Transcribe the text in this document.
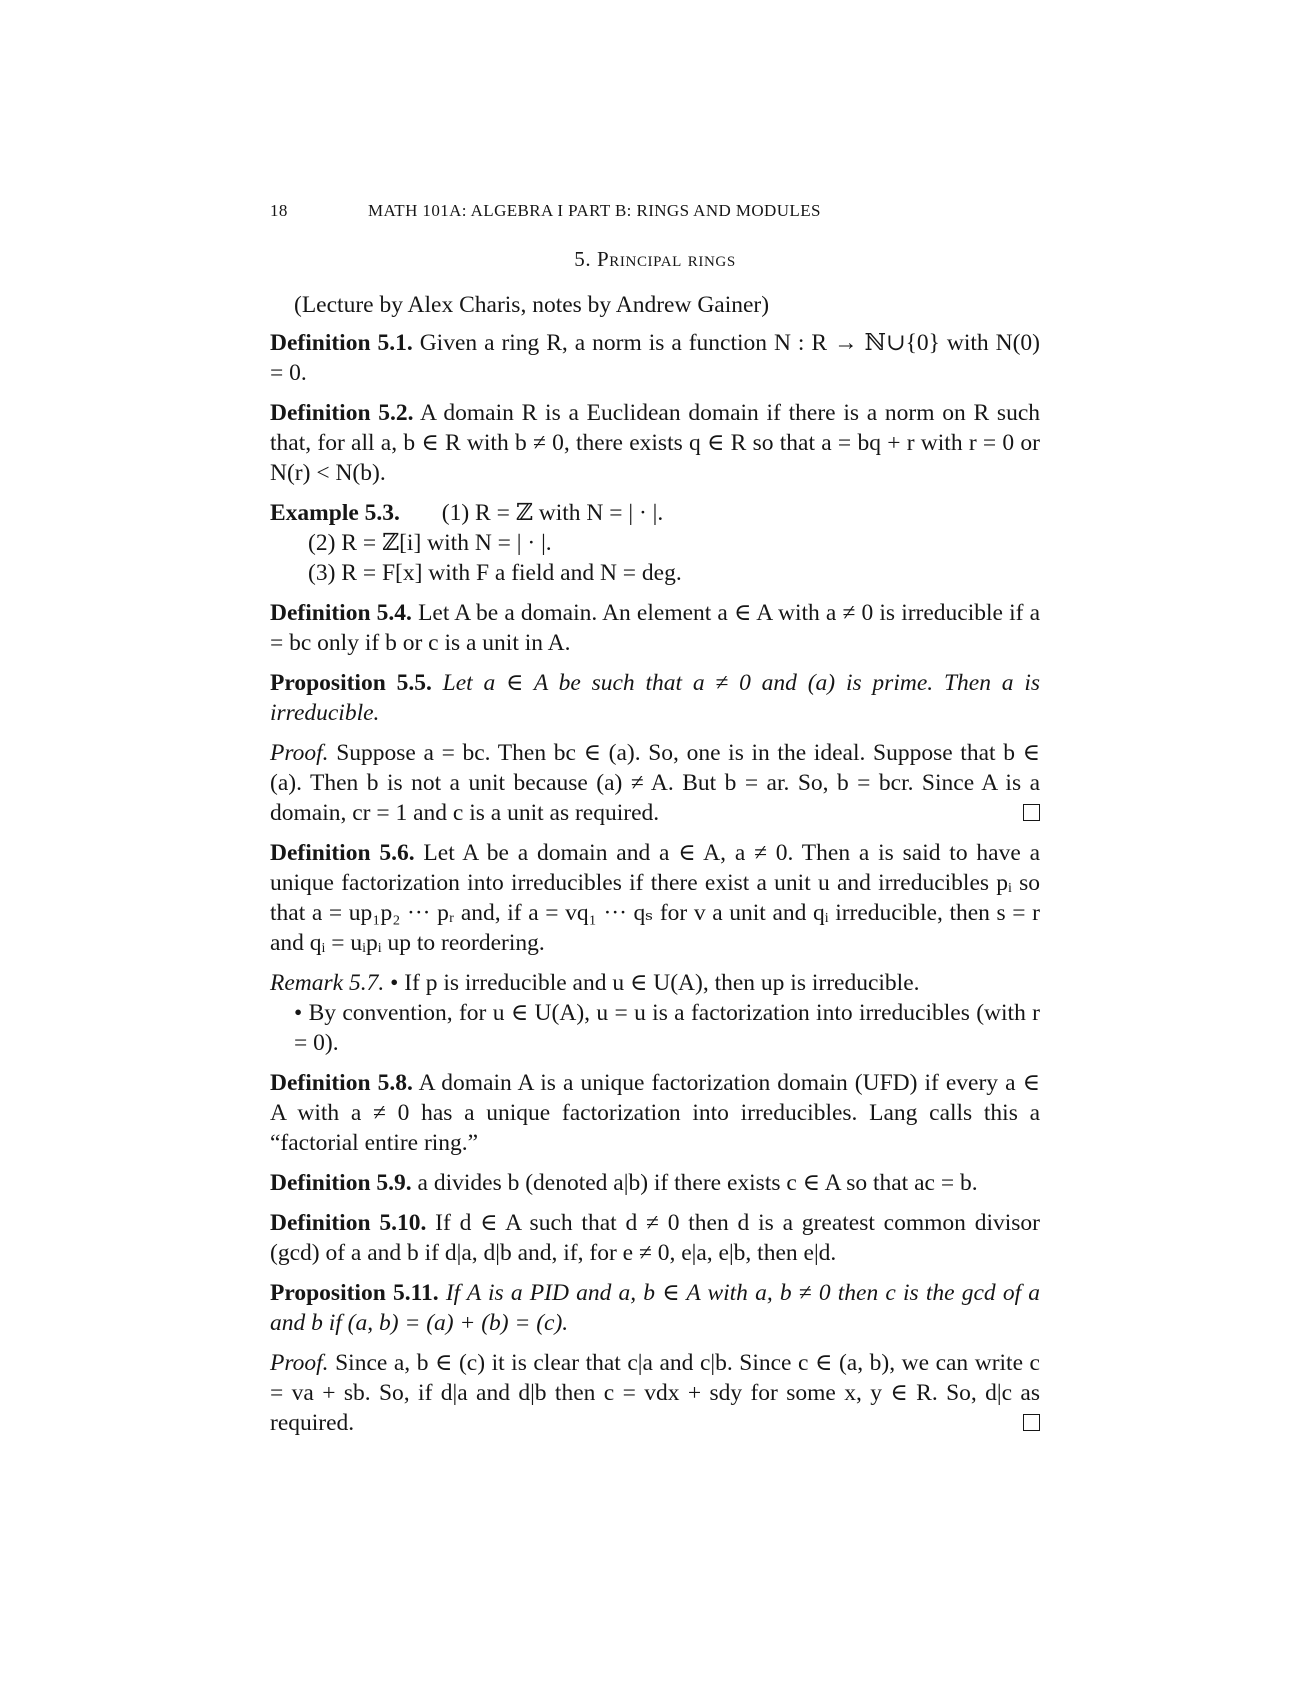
18	MATH 101A: ALGEBRA I PART B: RINGS AND MODULES
5. Principal rings
(Lecture by Alex Charis, notes by Andrew Gainer)
Definition 5.1. Given a ring R, a norm is a function N : R → ℕ∪{0} with N(0) = 0.
Definition 5.2. A domain R is a Euclidean domain if there is a norm on R such that, for all a, b ∈ R with b ≠ 0, there exists q ∈ R so that a = bq + r with r = 0 or N(r) < N(b).
Example 5.3. (1) R = ℤ with N = | · |.
(2) R = ℤ[i] with N = | · |.
(3) R = F[x] with F a field and N = deg.
Definition 5.4. Let A be a domain. An element a ∈ A with a ≠ 0 is irreducible if a = bc only if b or c is a unit in A.
Proposition 5.5. Let a ∈ A be such that a ≠ 0 and (a) is prime. Then a is irreducible.
Proof. Suppose a = bc. Then bc ∈ (a). So, one is in the ideal. Suppose that b ∈ (a). Then b is not a unit because (a) ≠ A. But b = ar. So, b = bcr. Since A is a domain, cr = 1 and c is a unit as required.
Definition 5.6. Let A be a domain and a ∈ A, a ≠ 0. Then a is said to have a unique factorization into irreducibles if there exist a unit u and irreducibles pᵢ so that a = up₁p₂ ··· pᵣ and, if a = vq₁ ··· qₛ for v a unit and qᵢ irreducible, then s = r and qᵢ = uᵢpᵢ up to reordering.
Remark 5.7. • If p is irreducible and u ∈ U(A), then up is irreducible.
• By convention, for u ∈ U(A), u = u is a factorization into irreducibles (with r = 0).
Definition 5.8. A domain A is a unique factorization domain (UFD) if every a ∈ A with a ≠ 0 has a unique factorization into irreducibles. Lang calls this a “factorial entire ring.”
Definition 5.9. a divides b (denoted a|b) if there exists c ∈ A so that ac = b.
Definition 5.10. If d ∈ A such that d ≠ 0 then d is a greatest common divisor (gcd) of a and b if d|a, d|b and, if, for e ≠ 0, e|a, e|b, then e|d.
Proposition 5.11. If A is a PID and a, b ∈ A with a, b ≠ 0 then c is the gcd of a and b if (a, b) = (a) + (b) = (c).
Proof. Since a, b ∈ (c) it is clear that c|a and c|b. Since c ∈ (a, b), we can write c = va + sb. So, if d|a and d|b then c = vdx + sdy for some x, y ∈ R. So, d|c as required.
